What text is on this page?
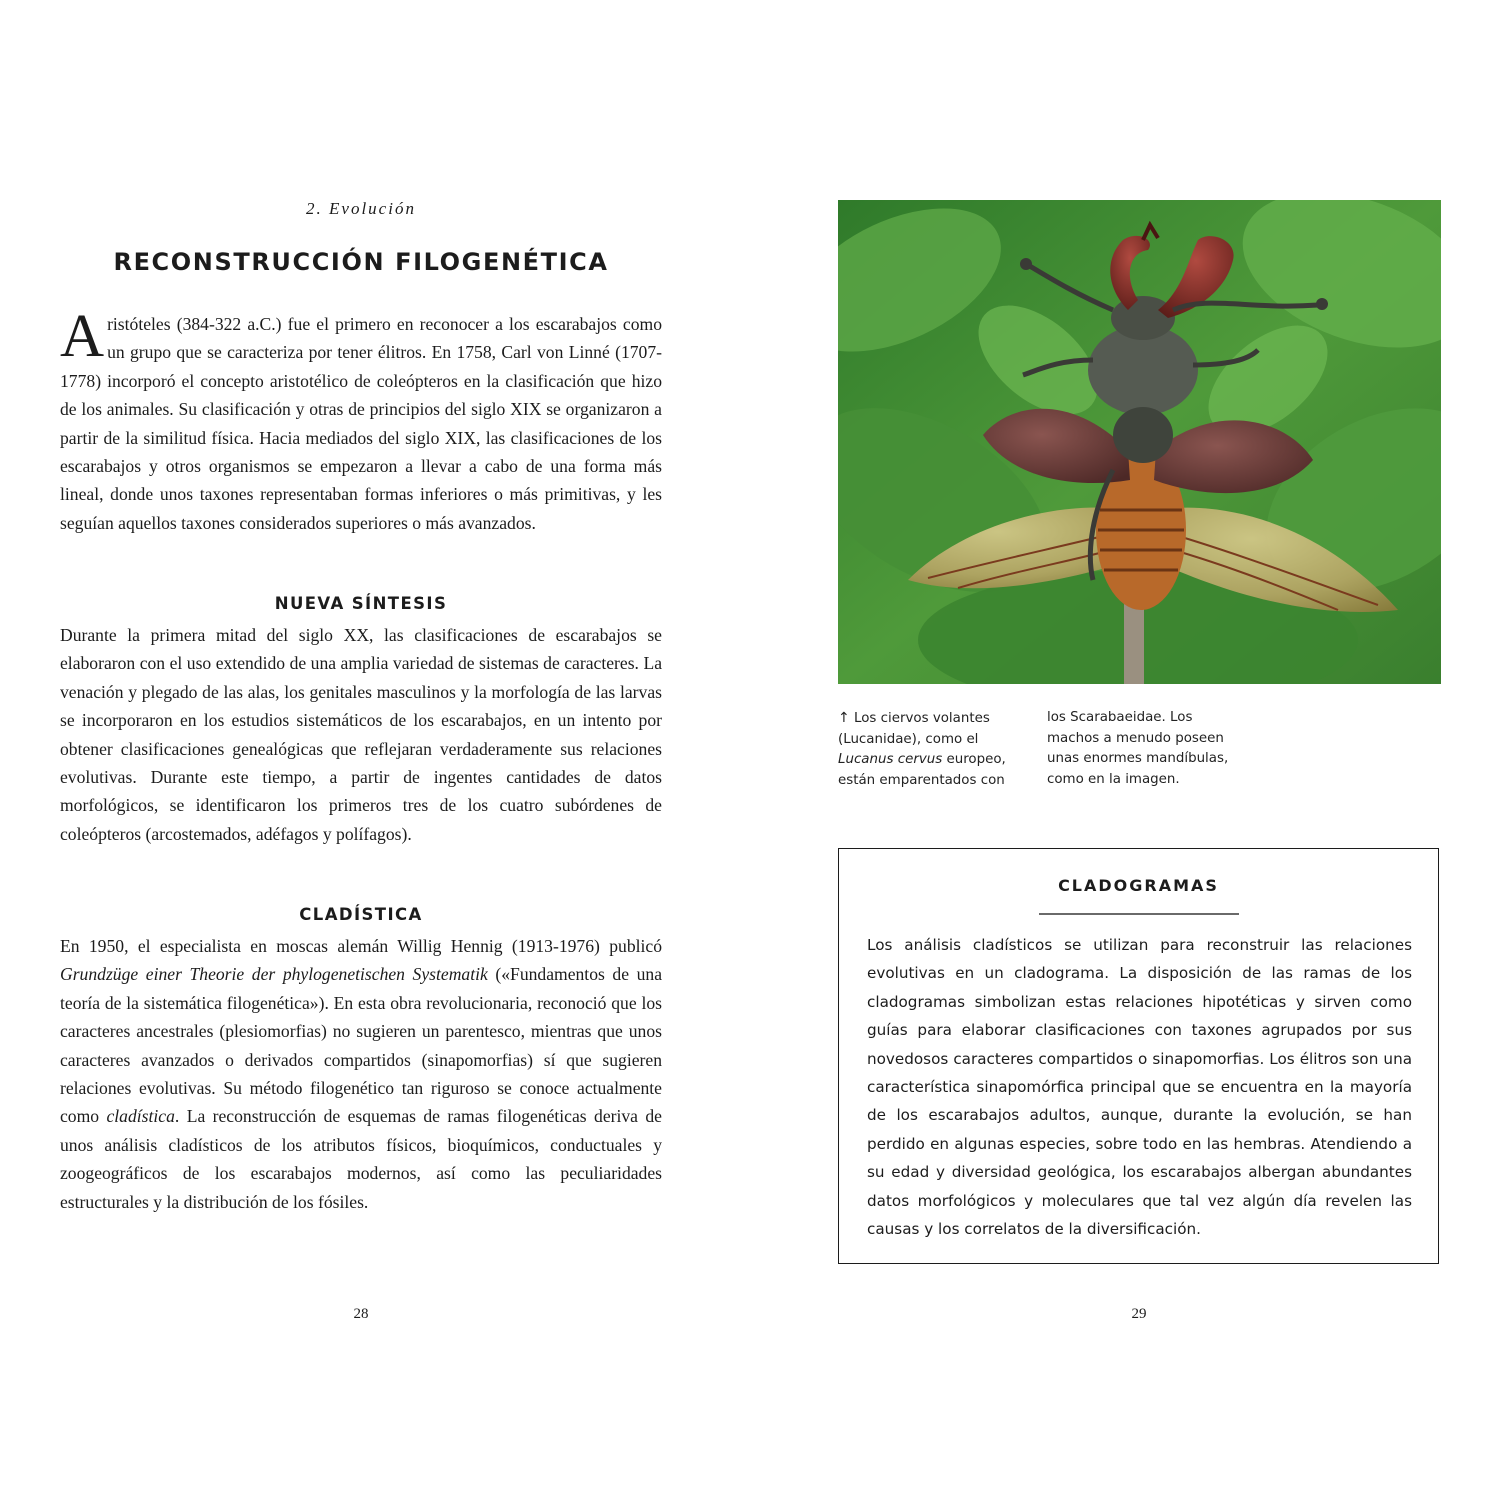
2. Evolución
RECONSTRUCCIÓN FILOGENÉTICA

Aristóteles (384-322 a.C.) fue el primero en reconocer a los escarabajos como un grupo que se caracteriza por tener élitros. En 1758, Carl von Linné (1707-1778) incorporó el concepto aristotélico de coleópteros en la clasificación que hizo de los animales. Su clasificación y otras de principios del siglo XIX se organizaron a partir de la similitud física. Hacia mediados del siglo XIX, las clasificaciones de los escarabajos y otros organismos se empezaron a llevar a cabo de una forma más lineal, donde unos taxones representaban formas inferiores o más primitivas, y les seguían aquellos taxones considerados superiores o más avanzados.

NUEVA SÍNTESIS

Durante la primera mitad del siglo XX, las clasificaciones de escarabajos se elaboraron con el uso extendido de una amplia variedad de sistemas de caracteres. La venación y plegado de las alas, los genitales masculinos y la morfología de las larvas se incorporaron en los estudios sistemáticos de los escarabajos, en un intento por obtener clasificaciones genealógicas que reflejaran verdaderamente sus relaciones evolutivas. Durante este tiempo, a partir de ingentes cantidades de datos morfológicos, se identificaron los primeros tres de los cuatro subórdenes de coleópteros (arcostemados, adéfagos y polífagos).

CLADÍSTICA

En 1950, el especialista en moscas alemán Willig Hennig (1913-1976) publicó Grundzüge einer Theorie der phylogenetischen Systematik («Fundamentos de una teoría de la sistemática filogenética»). En esta obra revolucionaria, reconoció que los caracteres ancestrales (plesiomorfias) no sugieren un parentesco, mientras que unos caracteres avanzados o derivados compartidos (sinapomorfias) sí que sugieren relaciones evolutivas. Su método filogenético tan riguroso se conoce actualmente como cladística. La reconstrucción de esquemas de ramas filogenéticas deriva de unos análisis cladísticos de los atributos físicos, bioquímicos, conductuales y zoogeográficos de los escarabajos modernos, así como las peculiaridades estructurales y la distribución de los fósiles.

28

↑ Los ciervos volantes (Lucanidae), como el Lucanus cervus europeo, están emparentados con

los Scarabaeidae. Los machos a menudo poseen unas enormes mandíbulas, como en la imagen.

CLADOGRAMAS

Los análisis cladísticos se utilizan para reconstruir las relaciones evolutivas en un cladograma. La disposición de las ramas de los cladogramas simbolizan estas relaciones hipotéticas y sirven como guías para elaborar clasificaciones con taxones agrupados por sus novedosos caracteres compartidos o sinapomorfias. Los élitros son una característica sinapomórfica principal que se encuentra en la mayoría de los escarabajos adultos, aunque, durante la evolución, se han perdido en algunas especies, sobre todo en las hembras. Atendiendo a su edad y diversidad geológica, los escarabajos albergan abundantes datos morfológicos y moleculares que tal vez algún día revelen las causas y los correlatos de la diversificación.

29
